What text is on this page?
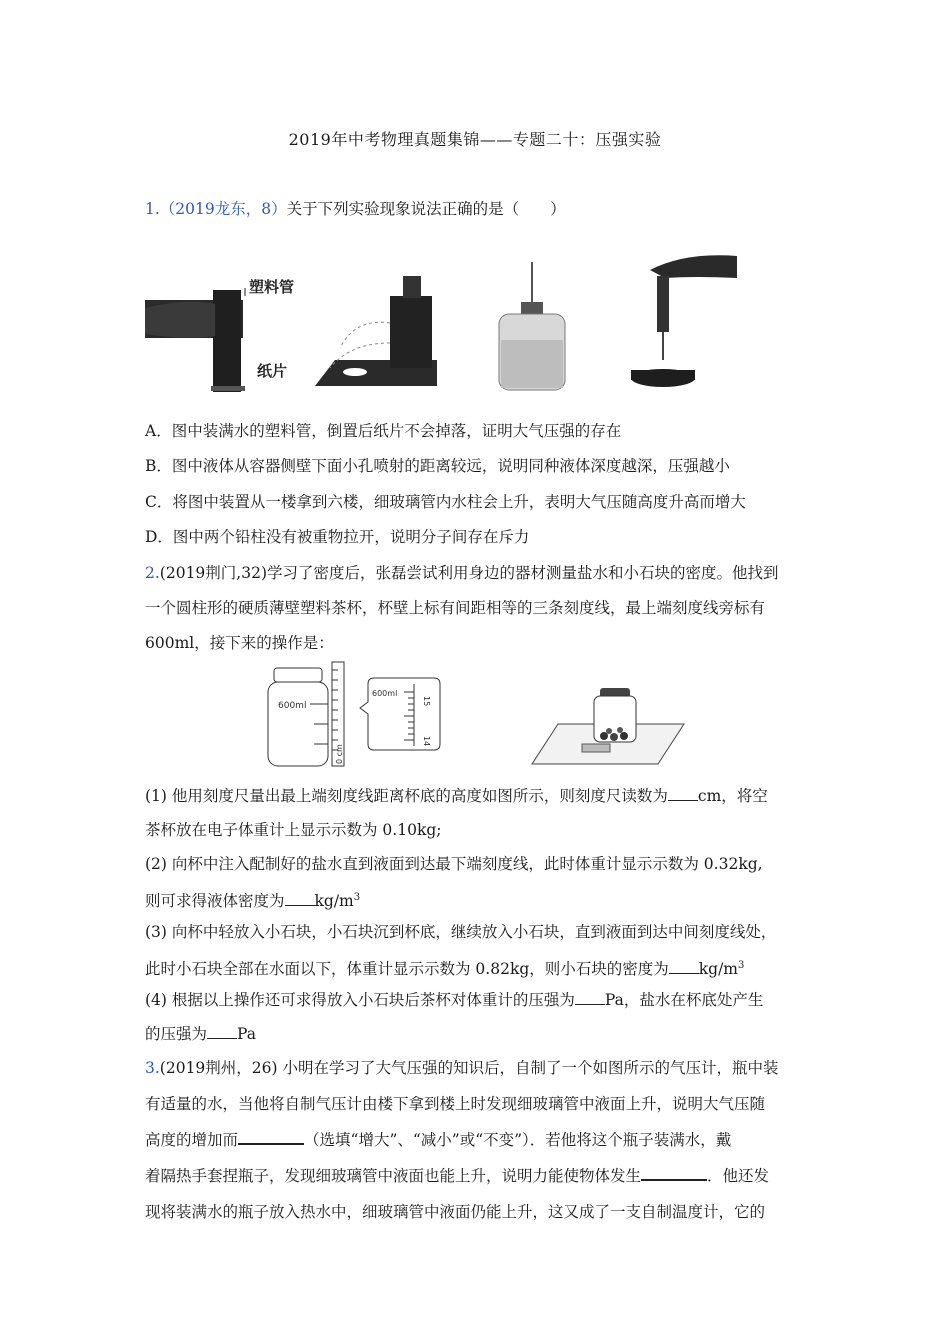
2019年中考物理真题集锦——专题二十：压强实验
1.（2019龙东，8）关于下列实验现象说法正确的是（　　）
塑料管
纸片
A．图中装满水的塑料管，倒置后纸片不会掉落，证明大气压强的存在
B．图中液体从容器侧壁下面小孔喷射的距离较远，说明同种液体深度越深，压强越小
C．将图中装置从一楼拿到六楼，细玻璃管内水柱会上升，表明大气压随高度升高而增大
D．图中两个铅柱没有被重物拉开，说明分子间存在斥力
2.(2019荆门,32)学习了密度后，张磊尝试利用身边的器材测量盐水和小石块的密度。他找到
一个圆柱形的硬质薄壁塑料茶杯，杯壁上标有间距相等的三条刻度线，最上端刻度线旁标有
600ml，接下来的操作是：
600ml
0 cm
600ml
15
14
(1) 他用刻度尺量出最上端刻度线距离杯底的高度如图所示，则刻度尺读数为 cm，将空
茶杯放在电子体重计上显示示数为 0.10kg;
(2) 向杯中注入配制好的盐水直到液面到达最下端刻度线，此时体重计显示示数为 0.32kg,
则可求得液体密度为 $kg/m^3$
(3) 向杯中轻放入小石块，小石块沉到杯底，继续放入小石块，直到液面到达中间刻度线处，
此时小石块全部在水面以下，体重计显示示数为 0.82kg，则小石块的密度为 $kg/m^3$
(4) 根据以上操作还可求得放入小石块后茶杯对体重计的压强为 Pa，盐水在杯底处产生
的压强为 Pa
3.(2019荆州，26) 小明在学习了大气压强的知识后，自制了一个如图所示的气压计，瓶中装
有适量的水，当他将自制气压计由楼下拿到楼上时发现细玻璃管中液面上升，说明大气压随
高度的增加而	（选填“增大”、“减小”或“不变”）．若他将这个瓶子装满水，戴
着隔热手套捏瓶子，发现细玻璃管中液面也能上升，说明力能使物体发生	．他还发
现将装满水的瓶子放入热水中，细玻璃管中液面仍能上升，这又成了一支自制温度计，它的
